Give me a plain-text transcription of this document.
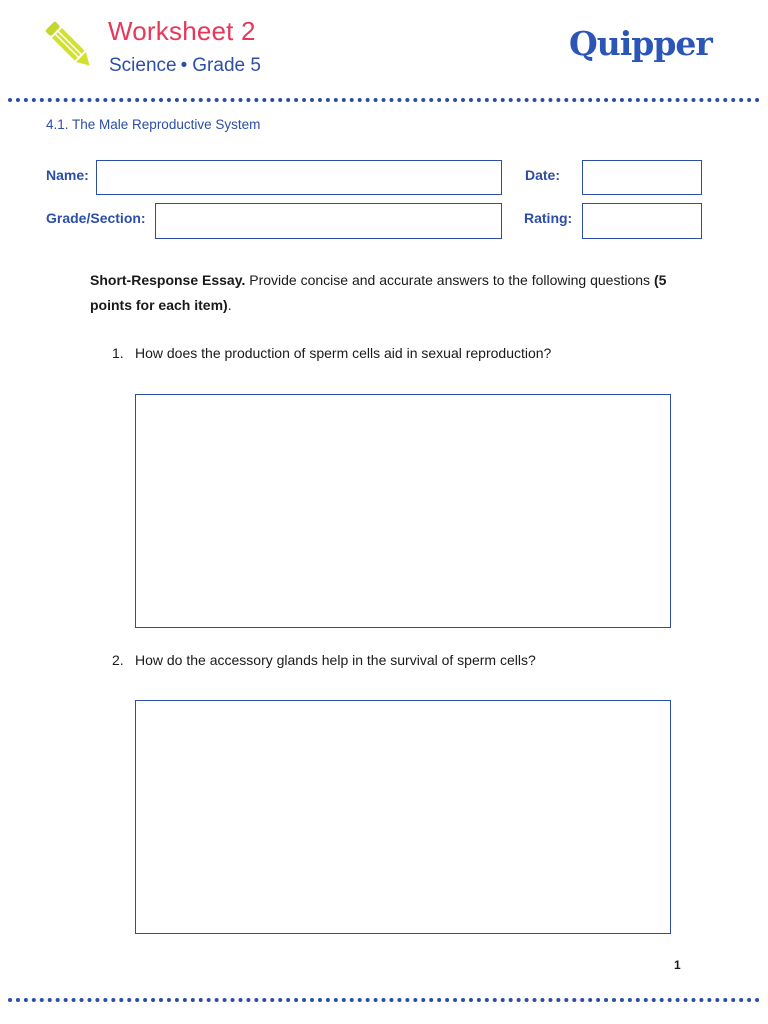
Worksheet 2
Science • Grade 5
Quipper
4.1. The Male Reproductive System
Name:	Date:
Grade/Section:	Rating:
Short-Response Essay. Provide concise and accurate answers to the following questions (5 points for each item).
1. How does the production of sperm cells aid in sexual reproduction?
2. How do the accessory glands help in the survival of sperm cells?
1
